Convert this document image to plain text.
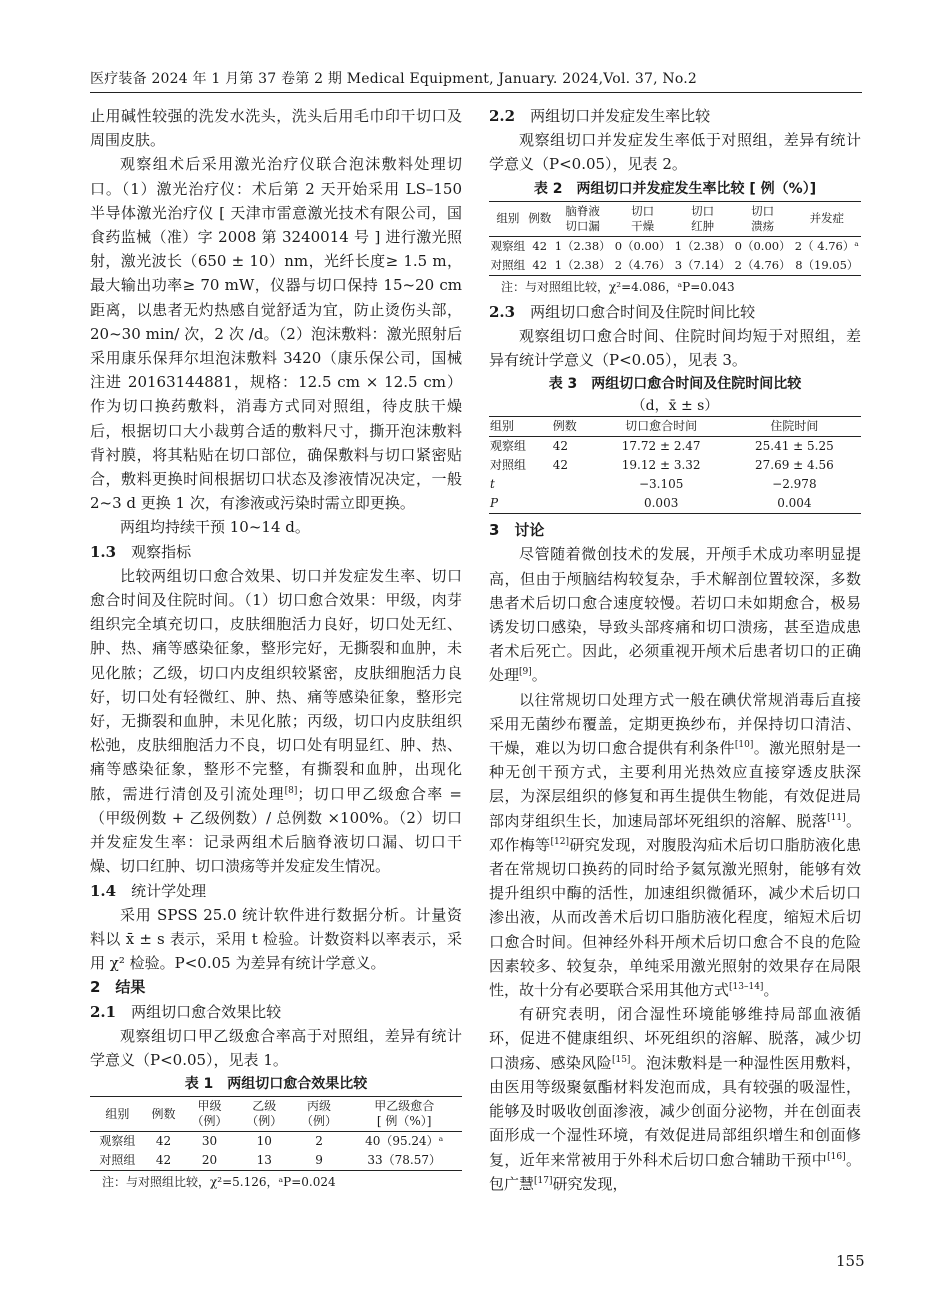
医疗装备 2024 年 1 月第 37 卷第 2 期 Medical Equipment, January. 2024,Vol. 37, No.2

止用碱性较强的洗发水洗头，洗头后用毛巾印干切口及周围皮肤。

观察组术后采用激光治疗仪联合泡沫敷料处理切口。（1）激光治疗仪：术后第 2 天开始采用 LS–150 半导体激光治疗仪 [ 天津市雷意激光技术有限公司，国食药监械（准）字 2008 第 3240014 号 ] 进行激光照射，激光波长（650 ± 10）nm，光纤长度≥ 1.5 m，最大输出功率≥ 70 mW，仪器与切口保持 15~20 cm 距离，以患者无灼热感自觉舒适为宜，防止烫伤头部，20~30 min/ 次，2 次 /d。（2）泡沫敷料：激光照射后采用康乐保拜尔坦泡沫敷料 3420（康乐保公司，国械注进 20163144881，规格：12.5 cm × 12.5 cm）作为切口换药敷料，消毒方式同对照组，待皮肤干燥后，根据切口大小裁剪合适的敷料尺寸，撕开泡沫敷料背衬膜，将其粘贴在切口部位，确保敷料与切口紧密贴合，敷料更换时间根据切口状态及渗液情况决定，一般 2~3 d 更换 1 次，有渗液或污染时需立即更换。

两组均持续干预 10~14 d。

1.3　 观察指标

比较两组切口愈合效果、切口并发症发生率、切口愈合时间及住院时间。（1）切口愈合效果：甲级，肉芽组织完全填充切口，皮肤细胞活力良好，切口处无红、肿、热、痛等感染征象，整形完好，无撕裂和血肿，未见化脓；乙级，切口内皮组织较紧密，皮肤细胞活力良好，切口处有轻微红、肿、热、痛等感染征象，整形完好，无撕裂和血肿，未见化脓；丙级，切口内皮肤组织松弛，皮肤细胞活力不良，切口处有明显红、肿、热、痛等感染征象，整形不完整，有撕裂和血肿，出现化脓，需进行清创及引流处理[8]；切口甲乙级愈合率 =（甲级例数 + 乙级例数）/ 总例数 ×100%。（2）切口并发症发生率：记录两组术后脑脊液切口漏、切口干燥、切口红肿、切口溃疡等并发症发生情况。

1.4　 统计学处理

采用 SPSS 25.0 统计软件进行数据分析。计量资料以 x̄ ± s 表示，采用 t 检验。计数资料以率表示，采用 χ² 检验。P<0.05 为差异有统计学意义。

2　结果

2.1　 两组切口愈合效果比较

观察组切口甲乙级愈合率高于对照组，差异有统计学意义（P<0.05），见表 1。

表 1　两组切口愈合效果比较

组别	例数	甲级
（例）	乙级
（例）	丙级
（例）	甲乙级愈合
[ 例（%）]
观察组	42	30	10	2	40（95.24）ᵃ
对照组	42	20	13	9	33（78.57）

注：与对照组比较，χ²=5.126，ᵃP=0.024

2.2　 两组切口并发症发生率比较

观察组切口并发症发生率低于对照组，差异有统计学意义（P<0.05），见表 2。

表 2　两组切口并发症发生率比较 [ 例（%）]

组别	例数	脑脊液
切口漏	切口
干燥	切口
红肿	切口
溃疡	并发症
观察组	42	1（2.38）	0（0.00）	1（2.38）	0（0.00）	2（ 4.76）ᵃ
对照组	42	1（2.38）	2（4.76）	3（7.14）	2（4.76）	8（19.05）

注：与对照组比较，χ²=4.086，ᵃP=0.043

2.3　 两组切口愈合时间及住院时间比较

观察组切口愈合时间、住院时间均短于对照组，差异有统计学意义（P<0.05），见表 3。

表 3　两组切口愈合时间及住院时间比较

（d，x̄ ± s）

组别	例数	切口愈合时间	住院时间
观察组	42	17.72 ± 2.47	25.41 ± 5.25
对照组	42	19.12 ± 3.32	27.69 ± 4.56
t		−3.105	−2.978
P		0.003	0.004

3　讨论

尽管随着微创技术的发展，开颅手术成功率明显提高，但由于颅脑结构较复杂，手术解剖位置较深，多数患者术后切口愈合速度较慢。若切口未如期愈合，极易诱发切口感染，导致头部疼痛和切口溃疡，甚至造成患者术后死亡。因此，必须重视开颅术后患者切口的正确处理[9]。

以往常规切口处理方式一般在碘伏常规消毒后直接采用无菌纱布覆盖，定期更换纱布，并保持切口清洁、干燥，难以为切口愈合提供有利条件[10]。激光照射是一种无创干预方式，主要利用光热效应直接穿透皮肤深层，为深层组织的修复和再生提供生物能，有效促进局部肉芽组织生长，加速局部坏死组织的溶解、脱落[11]。邓作梅等[12]研究发现，对腹股沟疝术后切口脂肪液化患者在常规切口换药的同时给予氦氖激光照射，能够有效提升组织中酶的活性，加速组织微循环，减少术后切口渗出液，从而改善术后切口脂肪液化程度，缩短术后切口愈合时间。但神经外科开颅术后切口愈合不良的危险因素较多、较复杂，单纯采用激光照射的效果存在局限性，故十分有必要联合采用其他方式[13–14]。

有研究表明，闭合湿性环境能够维持局部血液循环，促进不健康组织、坏死组织的溶解、脱落，减少切口溃疡、感染风险[15]。泡沫敷料是一种湿性医用敷料，由医用等级聚氨酯材料发泡而成，具有较强的吸湿性，能够及时吸收创面渗液，减少创面分泌物，并在创面表面形成一个湿性环境，有效促进局部组织增生和创面修复，近年来常被用于外科术后切口愈合辅助干预中[16]。包广慧[17]研究发现，

155
